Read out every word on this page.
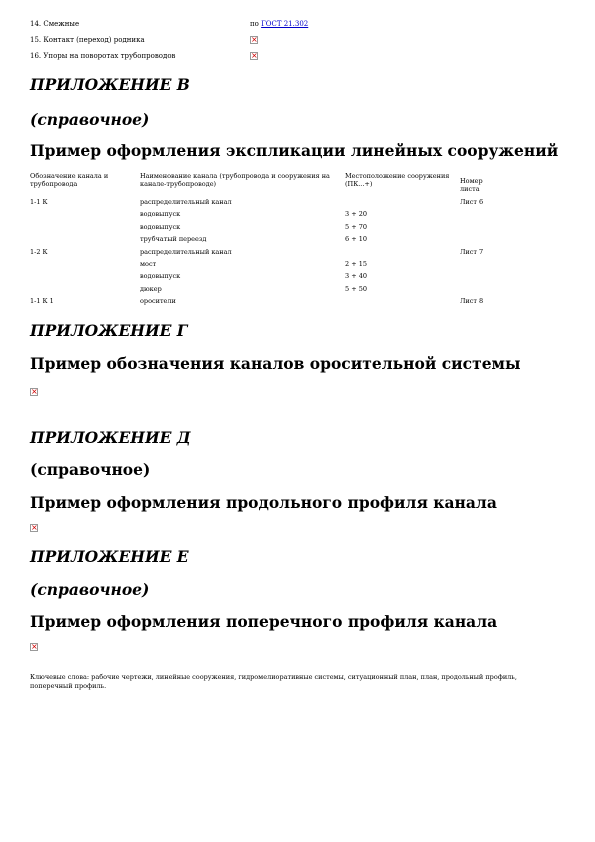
14. Смежные	по ГОСТ 21.302
15. Контакт (переход) родника	×
16. Упоры на поворотах трубопроводов	×
ПРИЛОЖЕНИЕ В
(справочное)
Пример оформления экспликации линейных сооружений
Обозначение канала и трубопровода	Наименование канала (трубопровода и сооружения на канале-трубопроводе)	Местоположение сооружения (ПК...+)	Номер листа
1-1 К	распределительный канал		Лист 6
	водовыпуск	3 + 20	
	водовыпуск	5 + 70	
	трубчатый переезд	6 + 10	
1-2 К	распределительный канал		Лист 7
	мост	2 + 15	
	водовыпуск	3 + 40	
	дюкер	5 + 50	
1-1 К 1	оросители		Лист 8
ПРИЛОЖЕНИЕ Г
Пример обозначения каналов оросительной системы
×
ПРИЛОЖЕНИЕ Д
(справочное)
Пример оформления продольного профиля канала
×
ПРИЛОЖЕНИЕ Е
(справочное)
Пример оформления поперечного профиля канала
×

Ключевые слова: рабочие чертежи, линейные сооружения, гидромелиоративные системы, ситуационный план, план, продольный профиль, поперечный профиль.
